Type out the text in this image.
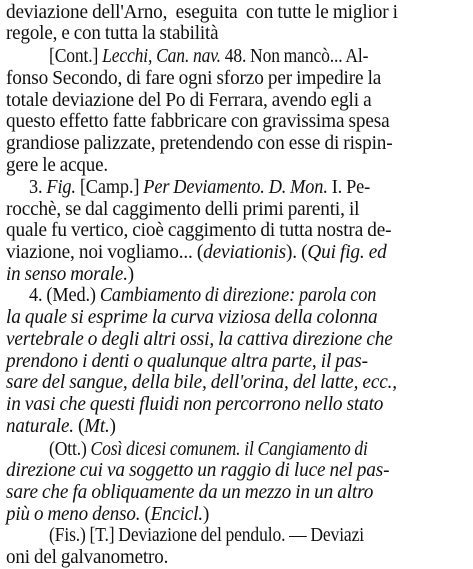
deviazione dell'Arno,  eseguita  con tutte le miglior i
regole, e con tutta la stabilità
[Cont.] Lecchi, Can. nav. 48. Non mancò... Al-
fonso Secondo, di fare ogni sforzo per impedire la
totale deviazione del Po di Ferrara, avendo egli a
questo effetto fatte fabbricare con gravissima spesa
grandiose palizzate, pretendendo con esse di rispin-
gere le acque.
3. Fig. [Camp.] Per Deviamento. D. Mon. I. Pe-
rocchè, se dal caggimento delli primi parenti, il
quale fu vertico, cioè caggimento di tutta nostra de-
viazione, noi vogliamo... (deviationis). (Qui fig. ed
in senso morale.)
4. (Med.) Cambiamento di direzione: parola con
la quale si esprime la curva viziosa della colonna
vertebrale o degli altri ossi, la cattiva direzione che
prendono i denti o qualunque altra parte, il pas-
sare del sangue, della bile, dell'orina, del latte, ecc.,
in vasi che questi fluidi non percorrono nello stato
naturale. (Mt.)
(Ott.) Così dicesi comunem. il Cangiamento di
direzione cui va soggetto un raggio di luce nel pas-
sare che fa obliquamente da un mezzo in un altro
più o meno denso. (Encicl.)
(Fis.) [T.] Deviazione del pendulo. — Deviazi
oni del galvanometro.
